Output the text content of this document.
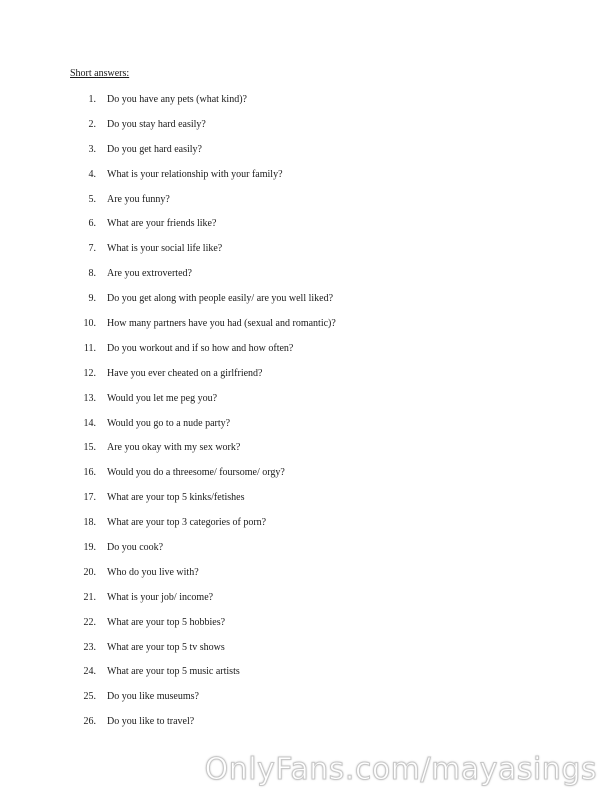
Short answers:
1. Do you have any pets (what kind)?
2. Do you stay hard easily?
3. Do you get hard easily?
4. What is your relationship with your family?
5. Are you funny?
6. What are your friends like?
7. What is your social life like?
8. Are you extroverted?
9. Do you get along with people easily/ are you well liked?
10. How many partners have you had (sexual and romantic)?
11. Do you workout and if so how and how often?
12. Have you ever cheated on a girlfriend?
13. Would you let me peg you?
14. Would you go to a nude party?
15. Are you okay with my sex work?
16. Would you do a threesome/ foursome/ orgy?
17. What are your top 5 kinks/fetishes
18. What are your top 3 categories of porn?
19. Do you cook?
20. Who do you live with?
21. What is your job/ income?
22. What are your top 5 hobbies?
23. What are your top 5 tv shows
24. What are your top 5 music artists
25. Do you like museums?
26. Do you like to travel?
OnlyFans.com/mayasings
